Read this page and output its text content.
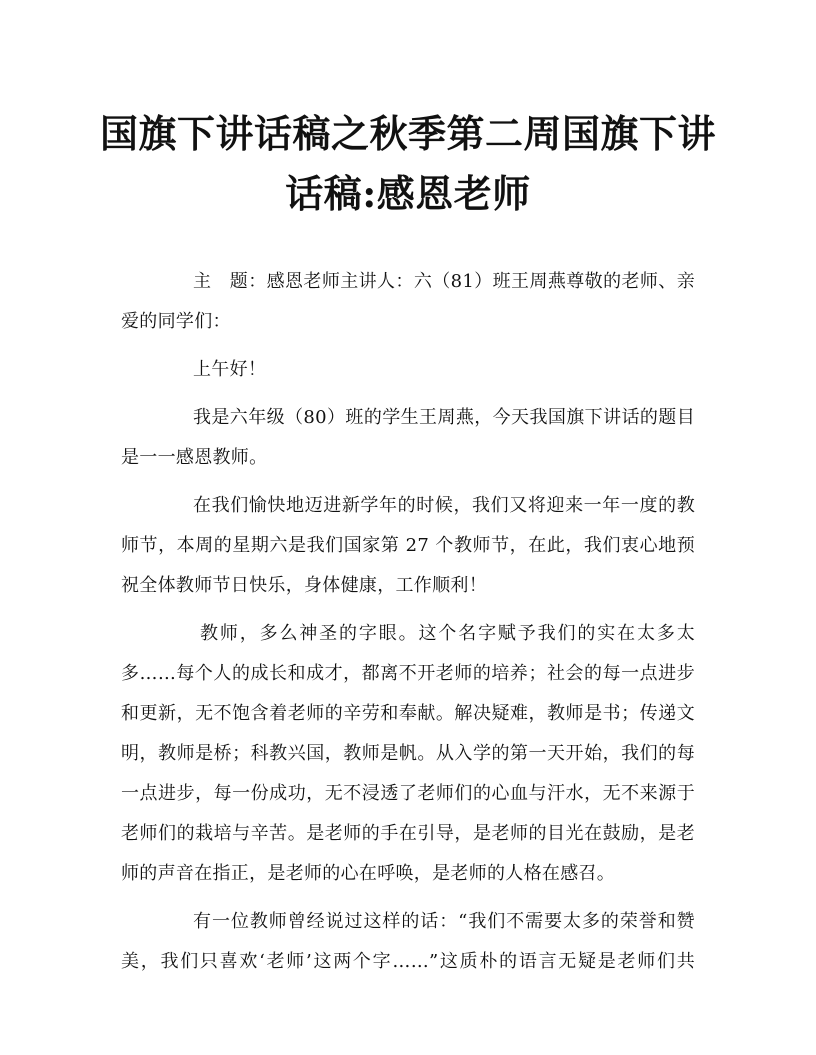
国旗下讲话稿之秋季第二周国旗下讲
话稿:感恩老师
主　题：感恩老师主讲人：六（81）班王周燕尊敬的老师、亲
爱的同学们：
上午好！
我是六年级（80）班的学生王周燕，今天我国旗下讲话的题目
是一一感恩教师。
在我们愉快地迈进新学年的时候，我们又将迎来一年一度的教
师节，本周的星期六是我们国家第 27 个教师节，在此，我们衷心地预
祝全体教师节日快乐，身体健康，工作顺利！
教师，多么神圣的字眼。这个名字赋予我们的实在太多太
多……每个人的成长和成才，都离不开老师的培养；社会的每一点进步
和更新，无不饱含着老师的辛劳和奉献。解决疑难，教师是书；传递文
明，教师是桥；科教兴国，教师是帆。从入学的第一天开始，我们的每
一点进步，每一份成功，无不浸透了老师们的心血与汗水，无不来源于
老师们的栽培与辛苦。是老师的手在引导，是老师的目光在鼓励，是老
师的声音在指正，是老师的心在呼唤，是老师的人格在感召。
有一位教师曾经说过这样的话：“我们不需要太多的荣誉和赞
美，我们只喜欢‘老师’这两个字……”这质朴的语言无疑是老师们共
